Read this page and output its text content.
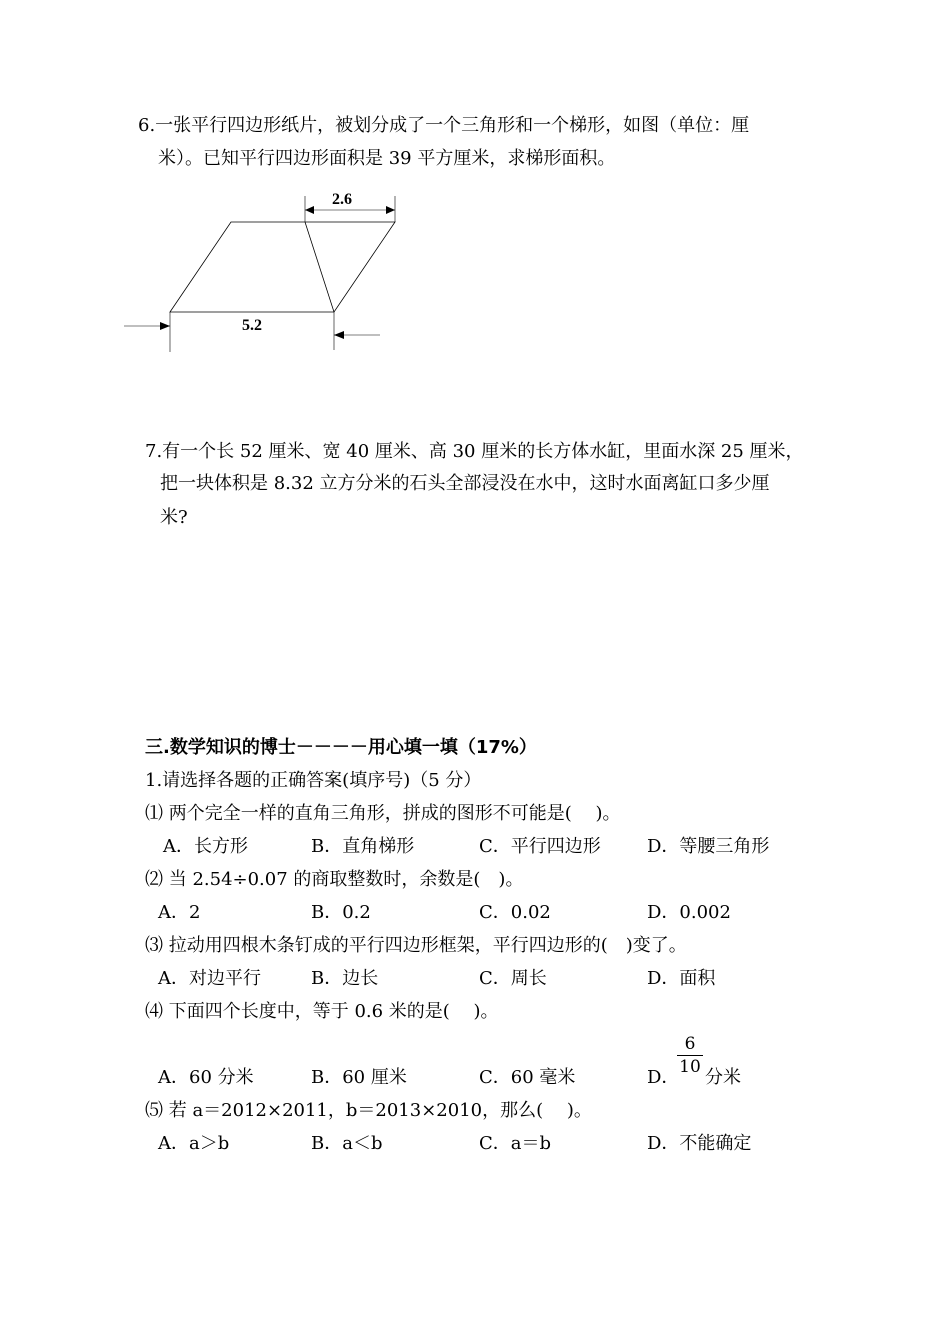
6.一张平行四边形纸片，被划分成了一个三角形和一个梯形，如图（单位：厘
米）。已知平行四边形面积是 39 平方厘米，求梯形面积。
2.6
5.2
7.有一个长 52 厘米、宽 40 厘米、高 30 厘米的长方体水缸，里面水深 25 厘米，
把一块体积是 8.32 立方分米的石头全部浸没在水中，这时水面离缸口多少厘
米?
三.数学知识的博士－－－－用心填一填（17%）
1.请选择各题的正确答案(填序号)（5 分）
⑴ 两个完全一样的直角三角形，拼成的图形不可能是(　 )。
A．长方形	B．直角梯形	C．平行四边形	D．等腰三角形
⑵ 当 2.54÷0.07 的商取整数时，余数是(　)。
A．2	B．0.2	C．0.02	D．0.002
⑶ 拉动用四根木条钉成的平行四边形框架，平行四边形的(　)变了。
A．对边平行	B．边长	C．周长	D．面积
⑷ 下面四个长度中，等于 0.6 米的是(　 )。
A．60 分米	B．60 厘米	C．60 毫米	D．
6
10 分米
⑸ 若 a＝2012×2011，b＝2013×2010，那么(　 )。
A．a＞b	B．a＜b	C．a＝b	D．不能确定
